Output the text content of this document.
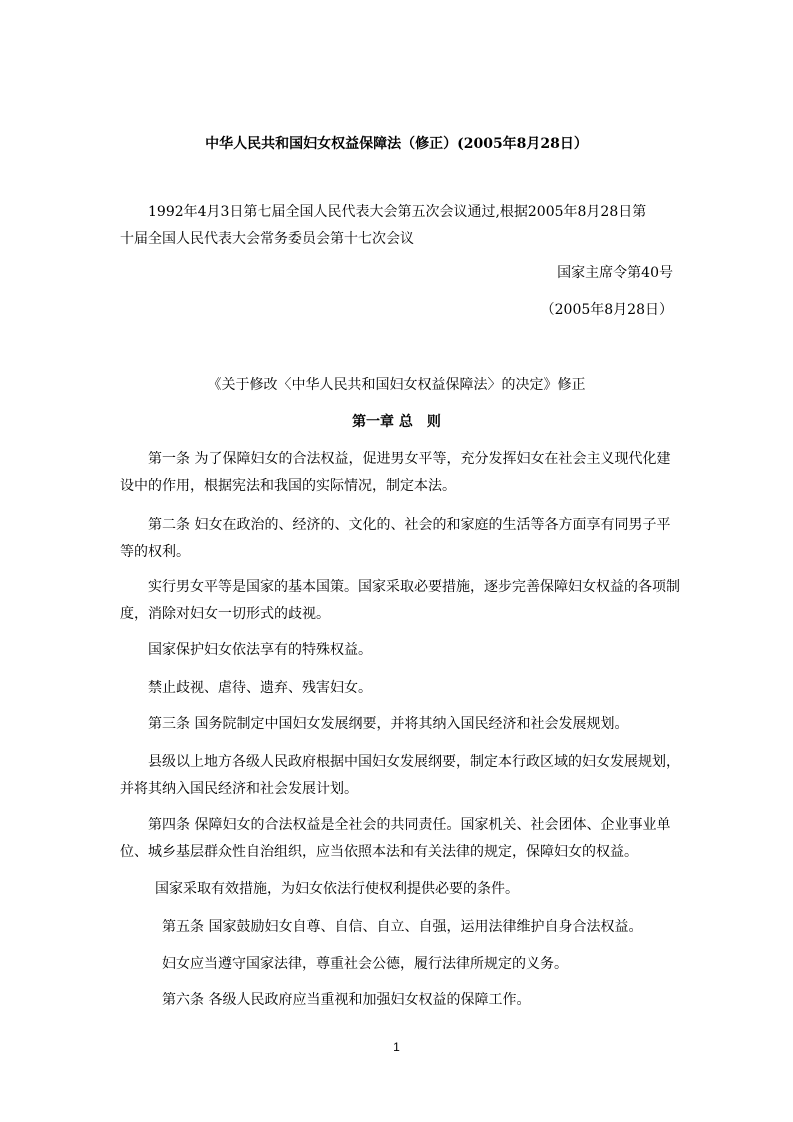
中华人民共和国妇女权益保障法（修正）(2005年8月28日）
1992年4月3日第七届全国人民代表大会第五次会议通过,根据2005年8月28日第
十届全国人民代表大会常务委员会第十七次会议
国家主席令第40号
（2005年8月28日）
《关于修改〈中华人民共和国妇女权益保障法〉的决定》修正
第一章 总　则
第一条 为了保障妇女的合法权益，促进男女平等，充分发挥妇女在社会主义现代化建
设中的作用，根据宪法和我国的实际情况，制定本法。
第二条 妇女在政治的、经济的、文化的、社会的和家庭的生活等各方面享有同男子平
等的权利。
实行男女平等是国家的基本国策。国家采取必要措施，逐步完善保障妇女权益的各项制
度，消除对妇女一切形式的歧视。
国家保护妇女依法享有的特殊权益。
禁止歧视、虐待、遗弃、残害妇女。
第三条 国务院制定中国妇女发展纲要，并将其纳入国民经济和社会发展规划。
县级以上地方各级人民政府根据中国妇女发展纲要，制定本行政区域的妇女发展规划，
并将其纳入国民经济和社会发展计划。
第四条 保障妇女的合法权益是全社会的共同责任。国家机关、社会团体、企业事业单
位、城乡基层群众性自治组织，应当依照本法和有关法律的规定，保障妇女的权益。
国家采取有效措施，为妇女依法行使权利提供必要的条件。
第五条 国家鼓励妇女自尊、自信、自立、自强，运用法律维护自身合法权益。
妇女应当遵守国家法律，尊重社会公德，履行法律所规定的义务。
第六条 各级人民政府应当重视和加强妇女权益的保障工作。
1
